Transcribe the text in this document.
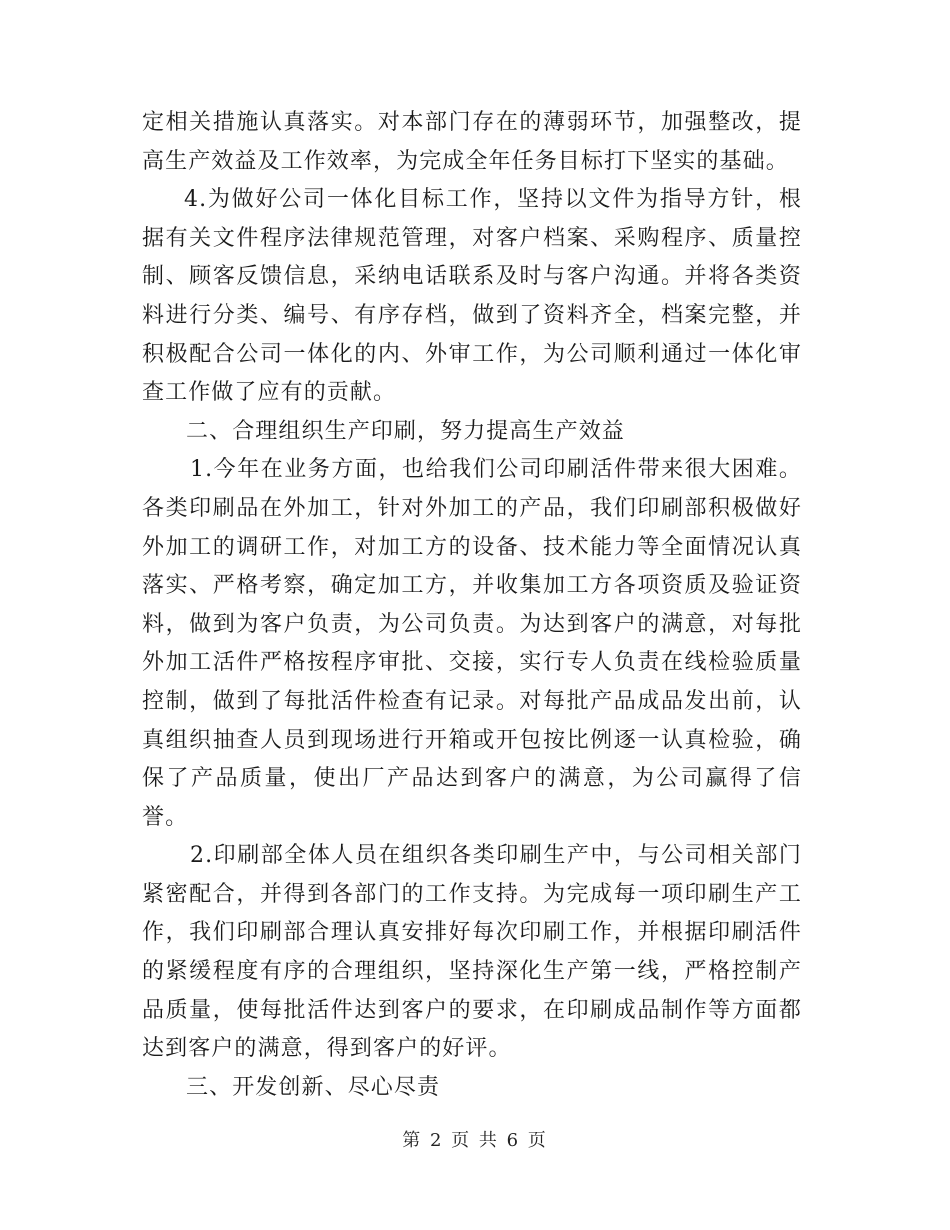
定相关措施认真落实。对本部门存在的薄弱环节，加强整改，提高生产效益及工作效率，为完成全年任务目标打下坚实的基础。

4.为做好公司一体化目标工作，坚持以文件为指导方针，根据有关文件程序法律规范管理，对客户档案、采购程序、质量控制、顾客反馈信息，采纳电话联系及时与客户沟通。并将各类资料进行分类、编号、有序存档，做到了资料齐全，档案完整，并积极配合公司一体化的内、外审工作，为公司顺利通过一体化审查工作做了应有的贡献。

二、合理组织生产印刷，努力提高生产效益

1.今年在业务方面，也给我们公司印刷活件带来很大困难。各类印刷品在外加工，针对外加工的产品，我们印刷部积极做好外加工的调研工作，对加工方的设备、技术能力等全面情况认真落实、严格考察，确定加工方，并收集加工方各项资质及验证资料，做到为客户负责，为公司负责。为达到客户的满意，对每批外加工活件严格按程序审批、交接，实行专人负责在线检验质量控制，做到了每批活件检查有记录。对每批产品成品发出前，认真组织抽查人员到现场进行开箱或开包按比例逐一认真检验，确保了产品质量，使出厂产品达到客户的满意，为公司赢得了信誉。

2.印刷部全体人员在组织各类印刷生产中，与公司相关部门紧密配合，并得到各部门的工作支持。为完成每一项印刷生产工作，我们印刷部合理认真安排好每次印刷工作，并根据印刷活件的紧缓程度有序的合理组织，坚持深化生产第一线，严格控制产品质量，使每批活件达到客户的要求，在印刷成品制作等方面都达到客户的满意，得到客户的好评。

三、开发创新、尽心尽责

第 2 页 共 6 页
